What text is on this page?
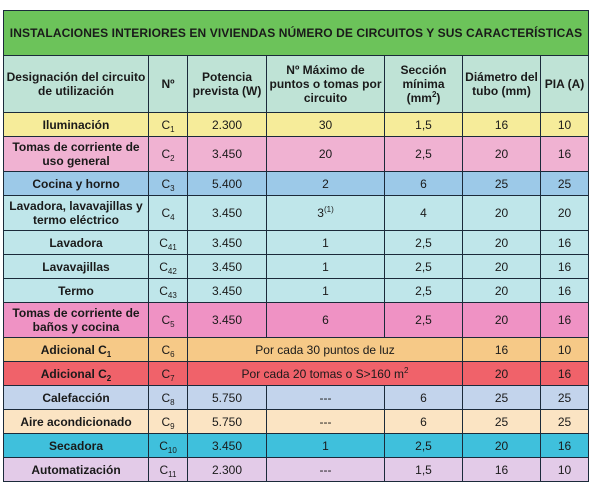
INSTALACIONES INTERIORES EN VIVIENDAS NÚMERO DE CIRCUITOS Y SUS CARACTERÍSTICAS						
Designación del circuito de utilización	Nº	Potencia prevista (W)	Nº Máximo de puntos o tomas por circuito	Sección mínima $(mm^2)$	Diámetro del tubo (mm)	PIA (A)
Iluminación	$C_1$	2.300	30	1,5	16	10
Tomas de corriente de uso general	$C_2$	3.450	20	2,5	20	16
Cocina y horno	$C_3$	5.400	2	6	25	25
Lavadora, lavavajillas y termo eléctrico	$C_4$	3.450	3$^{(1)}$	4	20	20
Lavadora	$C_{41}$	3.450	1	2,5	20	16
Lavavajillas	$C_{42}$	3.450	1	2,5	20	16
Termo	$C_{43}$	3.450	1	2,5	20	16
Tomas de corriente de baños y cocina	$C_5$	3.450	6	2,5	20	16
Adicional $C_1$	$C_6$	Por cada 30 puntos de luz			16	10
Adicional $C_2$	$C_7$	Por cada 20 tomas o S>160 $m^2$			20	16
Calefacción	$C_8$	5.750	---	6	25	25
Aire acondicionado	$C_9$	5.750	---	6	25	25
Secadora	$C_{10}$	3.450	1	2,5	20	16
Automatización	$C_{11}$	2.300	---	1,5	16	10
